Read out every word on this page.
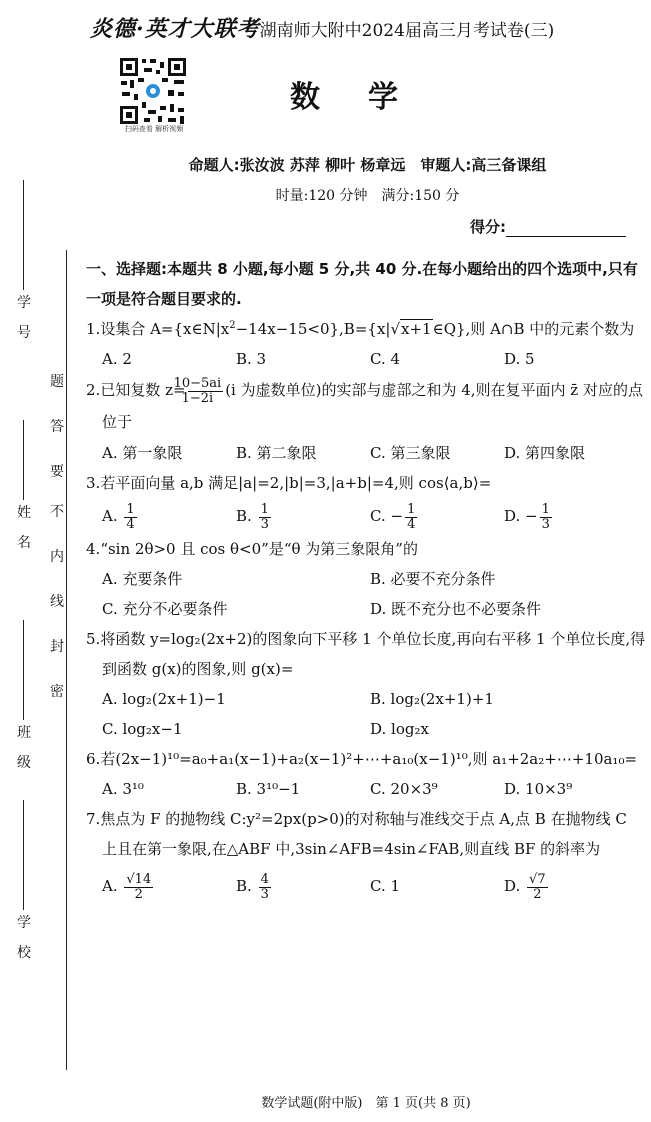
学 号
姓 名
班 级
学 校
题
答
要
不
内
线
封
密
炎德·英才大联考湖南师大附中2024届高三月考试卷(三)
扫码查看 解析视频
数学
命题人:张汝波 苏萍 柳叶 杨章远　审题人:高三备课组
时量:120 分钟　满分:150 分
得分:

一、选择题:本题共 8 小题,每小题 5 分,共 40 分.在每小题给出的四个选项中,只有一项是符合题目要求的.

1.设集合 $A=\{x\in N|x^2-14x-15<0\},B=\{x|√x+1\in Q\}$,则 A∩B 中的元素个数为

A. 2	B. 3	C. 4	D. 5

2.已知复数 $z= \frac{10-5ai}{1-2i} (i$ 为虚数单位)的实部与虚部之和为 4,则在复平面内 z̄ 对应的点位于

A. 第一象限	B. 第二象限	C. 第三象限	D. 第四象限

3.若平面向量 a,b 满足|a|=2,|b|=3,|a+b|=4,则 cos⟨a,b⟩=

A. $\frac{1}{4}$	B. $\frac{1}{3}$	C. − $\frac{1}{4}$	D. − $\frac{1}{3}$

4.“sin 2θ>0 且 cos θ<0”是“θ 为第三象限角”的

A. 充要条件	B. 必要不充分条件
C. 充分不必要条件	D. 既不充分也不必要条件

5.将函数 y=log₂(2x+2)的图象向下平移 1 个单位长度,再向右平移 1 个单位长度,得到函数 g(x)的图象,则 g(x)=

A. log₂(2x+1)−1	B. log₂(2x+1)+1
C. log₂x−1	D. log₂x

6.若(2x−1)¹⁰=a₀+a₁(x−1)+a₂(x−1)²+⋯+a₁₀(x−1)¹⁰,则 a₁+2a₂+⋯+10a₁₀=

A. 3¹⁰	B. 3¹⁰−1	C. 20×3⁹	D. 10×3⁹

7.焦点为 F 的抛物线 C:y²=2px(p>0)的对称轴与准线交于点 A,点 B 在抛物线 C 上且在第一象限,在△ABF 中,3sin∠AFB=4sin∠FAB,则直线 BF 的斜率为

A. $\frac{√14}{2}$	B. $\frac{4}{3}$	C. 1	D. $\frac{√7}{2}$
数学试题(附中版)　第 1 页(共 8 页)
